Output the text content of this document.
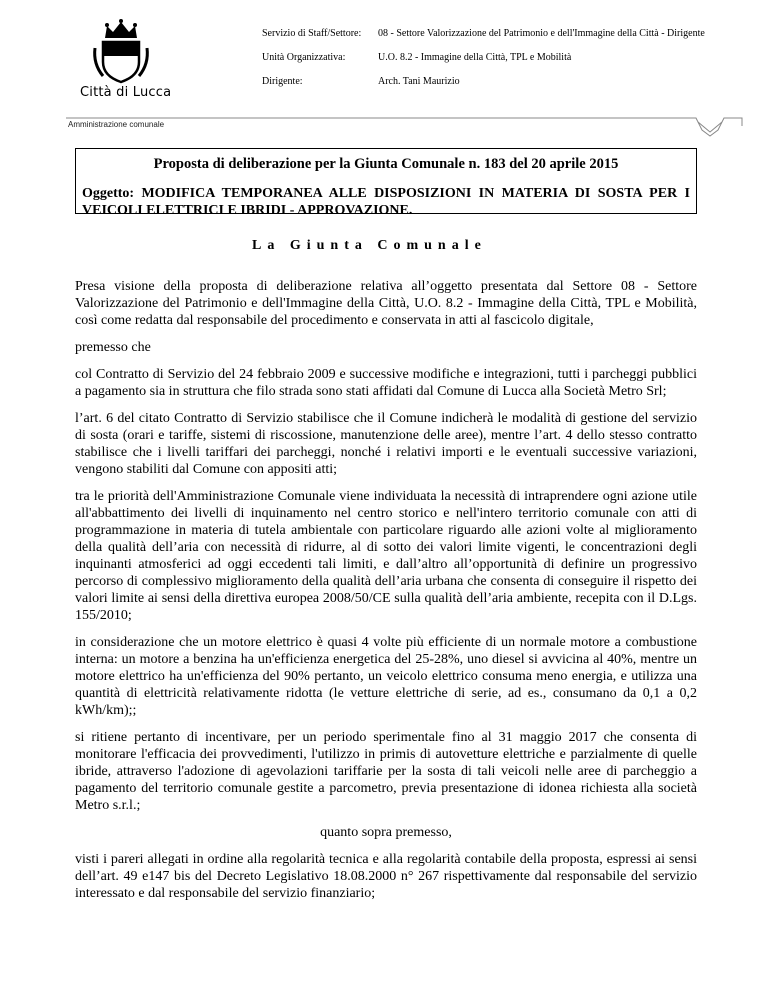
Città di Lucca
Servizio di Staff/Settore:	08 - Settore Valorizzazione del Patrimonio e dell'Immagine della Città - Dirigente
Unità Organizzativa:	U.O. 8.2 - Immagine della Città, TPL e Mobilità
Dirigente:	Arch. Tani Maurizio
Amministrazione comunale
Proposta di deliberazione per la Giunta Comunale n. 183 del 20 aprile 2015
Oggetto: MODIFICA TEMPORANEA ALLE DISPOSIZIONI IN MATERIA DI SOSTA PER I VEICOLI ELETTRICI E IBRIDI - APPROVAZIONE.
La Giunta Comunale

Presa visione della proposta di deliberazione relativa all’oggetto presentata dal Settore 08 - Settore Valorizzazione del Patrimonio e dell'Immagine della Città, U.O. 8.2 - Immagine della Città, TPL e Mobilità, così come redatta dal responsabile del procedimento e conservata in atti al fascicolo digitale,

premesso che

col Contratto di Servizio del 24 febbraio 2009 e successive modifiche e integrazioni, tutti i parcheggi pubblici a pagamento sia in struttura che filo strada sono stati affidati dal Comune di Lucca alla Società Metro Srl;

l’art. 6 del citato Contratto di Servizio stabilisce che il Comune indicherà le modalità di gestione del servizio di sosta (orari e tariffe, sistemi di riscossione, manutenzione delle aree), mentre l’art. 4 dello stesso contratto stabilisce che i livelli tariffari dei parcheggi, nonché i relativi importi e le eventuali successive variazioni, vengono stabiliti dal Comune con appositi atti;

tra le priorità dell'Amministrazione Comunale viene individuata la necessità di intraprendere ogni azione utile all'abbattimento dei livelli di inquinamento nel centro storico e nell'intero territorio comunale con atti di programmazione in materia di tutela ambientale con particolare riguardo alle azioni volte al miglioramento della qualità dell’aria con necessità di ridurre, al di sotto dei valori limite vigenti, le concentrazioni degli inquinanti atmosferici ad oggi eccedenti tali limiti, e dall’altro all’opportunità di definire un progressivo percorso di complessivo miglioramento della qualità dell’aria urbana che consenta di conseguire il rispetto dei valori limite ai sensi della direttiva europea 2008/50/CE sulla qualità dell’aria ambiente, recepita con il D.Lgs. 155/2010;

in considerazione che un motore elettrico è quasi 4 volte più efficiente di un normale motore a combustione interna: un motore a benzina ha un'efficienza energetica del 25-28%, uno diesel si avvicina al 40%, mentre un motore elettrico ha un'efficienza del 90% pertanto, un veicolo elettrico consuma meno energia, e utilizza una quantità di elettricità relativamente ridotta (le vetture elettriche di serie, ad es., consumano da 0,1 a 0,2 kWh/km);;

si ritiene pertanto di incentivare, per un periodo sperimentale fino al 31 maggio 2017 che consenta di monitorare l'efficacia dei provvedimenti, l'utilizzo in primis di autovetture elettriche e parzialmente di quelle ibride, attraverso l'adozione di agevolazioni tariffarie per la sosta di tali veicoli nelle aree di parcheggio a pagamento del territorio comunale gestite a parcometro, previa presentazione di idonea richiesta alla società Metro s.r.l.;

quanto sopra premesso,

visti i pareri allegati in ordine alla regolarità tecnica e alla regolarità contabile della proposta, espressi ai sensi dell’art. 49 e147 bis del Decreto Legislativo 18.08.2000 n° 267 rispettivamente dal responsabile del servizio interessato e dal responsabile del servizio finanziario;
